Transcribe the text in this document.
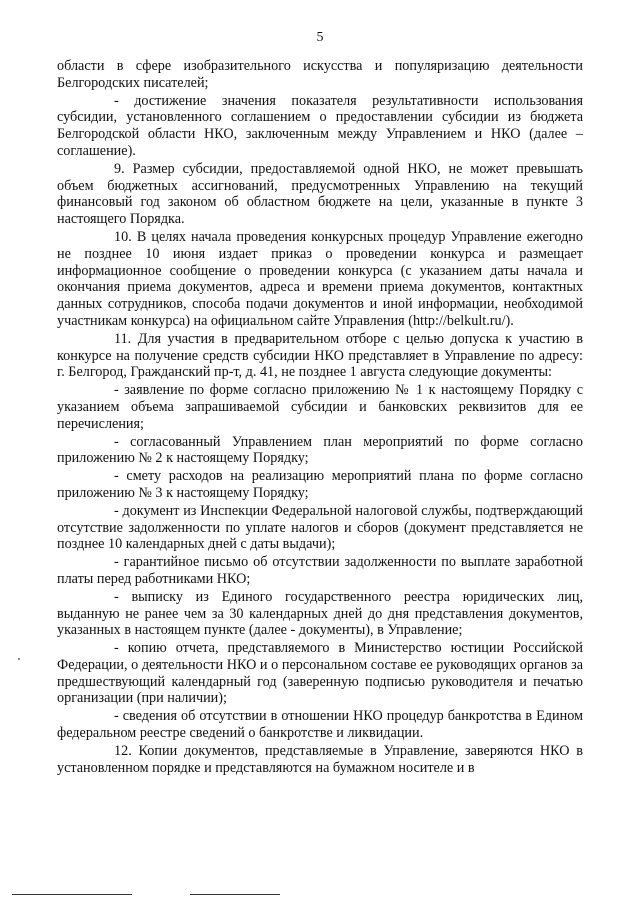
5

области в сфере изобразительного искусства и популяризацию деятельности Белгородских писателей;

- достижение значения показателя результативности использования субсидии, установленного соглашением о предоставлении субсидии из бюджета Белгородской области НКО, заключенным между Управлением и НКО (далее – соглашение).

9. Размер субсидии, предоставляемой одной НКО, не может превышать объем бюджетных ассигнований, предусмотренных Управлению на текущий финансовый год законом об областном бюджете на цели, указанные в пункте 3 настоящего Порядка.

10. В целях начала проведения конкурсных процедур Управление ежегодно не позднее 10 июня издает приказ о проведении конкурса и размещает информационное сообщение о проведении конкурса (с указанием даты начала и окончания приема документов, адреса и времени приема документов, контактных данных сотрудников, способа подачи документов и иной информации, необходимой участникам конкурса) на официальном сайте Управления (http://belkult.ru/).

11. Для участия в предварительном отборе с целью допуска к участию в конкурсе на получение средств субсидии НКО представляет в Управление по адресу: г. Белгород, Гражданский пр-т, д. 41, не позднее 1 августа следующие документы:

- заявление по форме согласно приложению № 1 к настоящему Порядку с указанием объема запрашиваемой субсидии и банковских реквизитов для ее перечисления;

- согласованный Управлением план мероприятий по форме согласно приложению № 2 к настоящему Порядку;

- смету расходов на реализацию мероприятий плана по форме согласно приложению № 3 к настоящему Порядку;

- документ из Инспекции Федеральной налоговой службы, подтверждающий отсутствие задолженности по уплате налогов и сборов (документ представляется не позднее 10 календарных дней с даты выдачи);

- гарантийное письмо об отсутствии задолженности по выплате заработной платы перед работниками НКО;

- выписку из Единого государственного реестра юридических лиц, выданную не ранее чем за 30 календарных дней до дня представления документов, указанных в настоящем пункте (далее - документы), в Управление;

- копию отчета, представляемого в Министерство юстиции Российской Федерации, о деятельности НКО и о персональном составе ее руководящих органов за предшествующий календарный год (заверенную подписью руководителя и печатью организации (при наличии);

- сведения об отсутствии в отношении НКО процедур банкротства в Едином федеральном реестре сведений о банкротстве и ликвидации.

12. Копии документов, представляемые в Управление, заверяются НКО в установленном порядке и представляются на бумажном носителе и в
